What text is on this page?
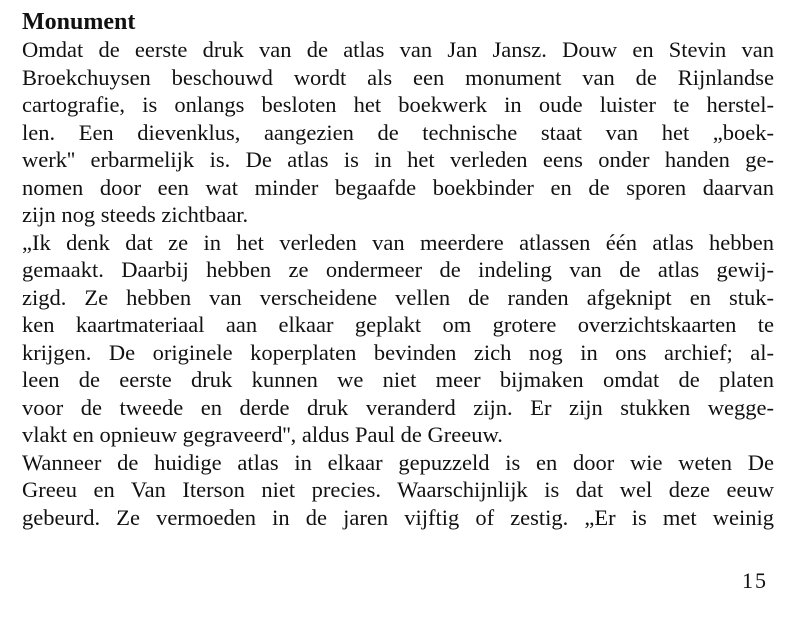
Monument
Omdat de eerste druk van de atlas van Jan Jansz. Douw en Stevin van
Broekchuysen beschouwd wordt als een monument van de Rijnlandse
cartografie, is onlangs besloten het boekwerk in oude luister te herstel-
len. Een dievenklus, aangezien de technische staat van het „boek-
werk'' erbarmelijk is. De atlas is in het verleden eens onder handen ge-
nomen door een wat minder begaafde boekbinder en de sporen daarvan
zijn nog steeds zichtbaar.
„Ik denk dat ze in het verleden van meerdere atlassen één atlas hebben
gemaakt. Daarbij hebben ze ondermeer de indeling van de atlas gewij-
zigd. Ze hebben van verscheidene vellen de randen afgeknipt en stuk-
ken kaartmateriaal aan elkaar geplakt om grotere overzichtskaarten te
krijgen. De originele koperplaten bevinden zich nog in ons archief; al-
leen de eerste druk kunnen we niet meer bijmaken omdat de platen
voor de tweede en derde druk veranderd zijn. Er zijn stukken wegge-
vlakt en opnieuw gegraveerd'', aldus Paul de Greeuw.
Wanneer de huidige atlas in elkaar gepuzzeld is en door wie weten De
Greeu en Van Iterson niet precies. Waarschijnlijk is dat wel deze eeuw
gebeurd. Ze vermoeden in de jaren vijftig of zestig. „Er is met weinig
15
